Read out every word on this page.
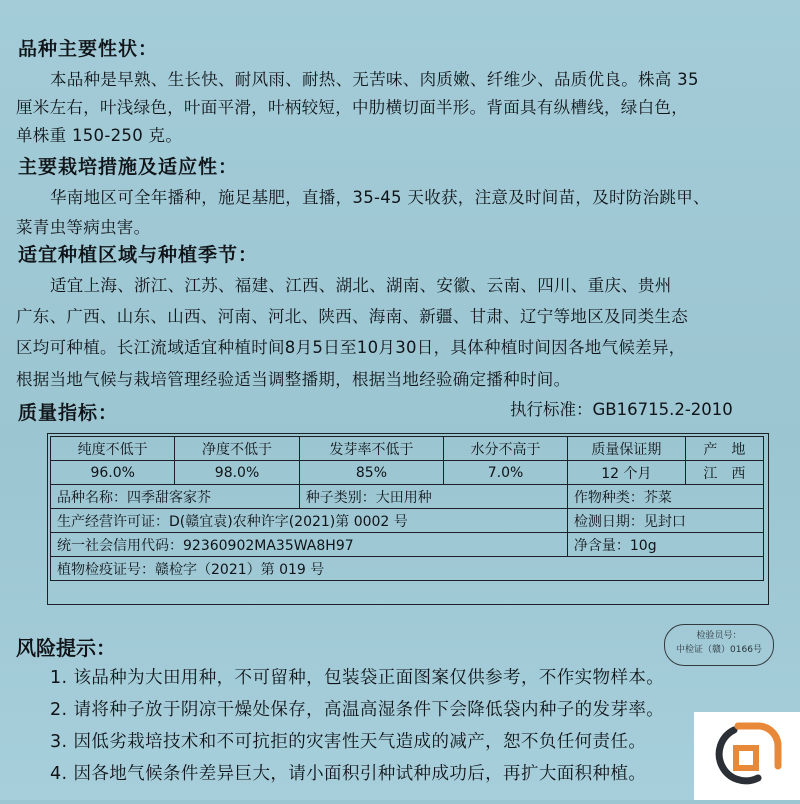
品种主要性状：
本品种是早熟、生长快、耐风雨、耐热、无苦味、肉质嫩、纤维少、品质优良。株高 35
厘米左右，叶浅绿色，叶面平滑，叶柄较短，中肋横切面半形。背面具有纵槽线，绿白色，
单株重 150-250 克。
主要栽培措施及适应性：
华南地区可全年播种，施足基肥，直播，35-45 天收获，注意及时间苗，及时防治跳甲、
菜青虫等病虫害。
适宜种植区域与种植季节：
适宜上海、浙江、江苏、福建、江西、湖北、湖南、安徽、云南、四川、重庆、贵州
广东、广西、山东、山西、河南、河北、陕西、海南、新疆、甘肃、辽宁等地区及同类生态
区均可种植。长江流域适宜种植时间8月5日至10月30日，具体种植时间因各地气候差异，
根据当地气候与栽培管理经验适当调整播期，根据当地经验确定播种时间。
质量指标：	执行标准：GB16715.2-2010
纯度不低于	净度不低于	发芽率不低于	水分不高于	质量保证期	产　地
96.0%	98.0%	85%	7.0%	12 个月	江　西
品种名称：四季甜客家芥		种子类别：大田用种		作物种类：芥菜	
生产经营许可证：D(赣宜袁)农种许字(2021)第 0002 号				检测日期：见封口	
统一社会信用代码：92360902MA35WA8H97				净含量：10g	
植物检疫证号：赣检字（2021）第 019 号					
检验员号：
中检证（赣）0166号
风险提示：
1. 该品种为大田用种，不可留种，包装袋正面图案仅供参考，不作实物样本。
2. 请将种子放于阴凉干燥处保存，高温高湿条件下会降低袋内种子的发芽率。
3. 因低劣栽培技术和不可抗拒的灾害性天气造成的减产，恕不负任何责任。
4. 因各地气候条件差异巨大，请小面积引种试种成功后，再扩大面积种植。
